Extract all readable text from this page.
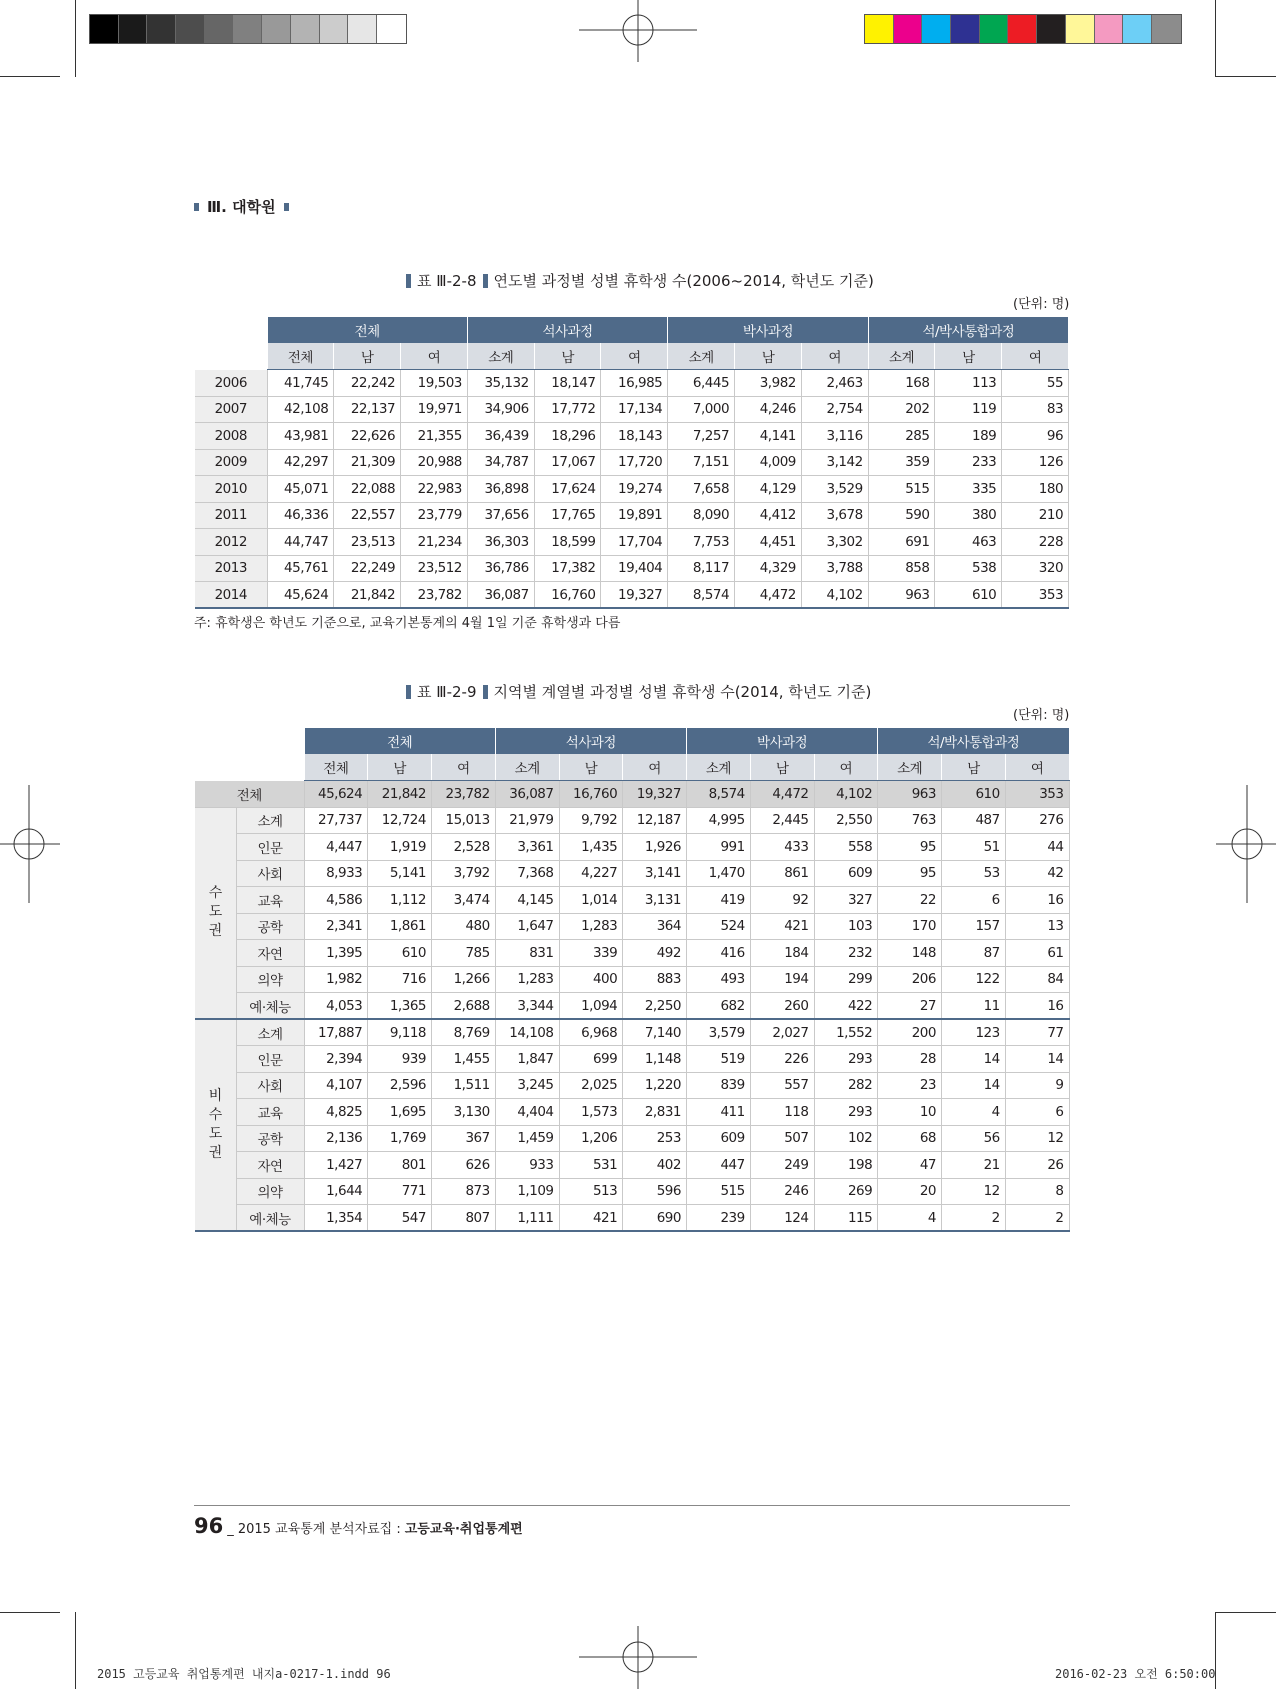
Ⅲ. 대학원
표 Ⅲ-2-8 연도별 과정별 성별 휴학생 수(2006~2014, 학년도 기준)
(단위: 명)
	전체			석사과정			박사과정			석/박사통합과정		
	전체	남	여	소계	남	여	소계	남	여	소계	남	여
2006	41,745	22,242	19,503	35,132	18,147	16,985	6,445	3,982	2,463	168	113	55
2007	42,108	22,137	19,971	34,906	17,772	17,134	7,000	4,246	2,754	202	119	83
2008	43,981	22,626	21,355	36,439	18,296	18,143	7,257	4,141	3,116	285	189	96
2009	42,297	21,309	20,988	34,787	17,067	17,720	7,151	4,009	3,142	359	233	126
2010	45,071	22,088	22,983	36,898	17,624	19,274	7,658	4,129	3,529	515	335	180
2011	46,336	22,557	23,779	37,656	17,765	19,891	8,090	4,412	3,678	590	380	210
2012	44,747	23,513	21,234	36,303	18,599	17,704	7,753	4,451	3,302	691	463	228
2013	45,761	22,249	23,512	36,786	17,382	19,404	8,117	4,329	3,788	858	538	320
2014	45,624	21,842	23,782	36,087	16,760	19,327	8,574	4,472	4,102	963	610	353
주: 휴학생은 학년도 기준으로, 교육기본통계의 4월 1일 기준 휴학생과 다름
표 Ⅲ-2-9 지역별 계열별 과정별 성별 휴학생 수(2014, 학년도 기준)
(단위: 명)
		전체			석사과정			박사과정			석/박사통합과정		
		전체	남	여	소계	남	여	소계	남	여	소계	남	여
전체		45,624	21,842	23,782	36,087	16,760	19,327	8,574	4,472	4,102	963	610	353
수
도
권	소계	27,737	12,724	15,013	21,979	9,792	12,187	4,995	2,445	2,550	763	487	276
	인문	4,447	1,919	2,528	3,361	1,435	1,926	991	433	558	95	51	44
	사회	8,933	5,141	3,792	7,368	4,227	3,141	1,470	861	609	95	53	42
	교육	4,586	1,112	3,474	4,145	1,014	3,131	419	92	327	22	6	16
	공학	2,341	1,861	480	1,647	1,283	364	524	421	103	170	157	13
	자연	1,395	610	785	831	339	492	416	184	232	148	87	61
	의약	1,982	716	1,266	1,283	400	883	493	194	299	206	122	84
	예·체능	4,053	1,365	2,688	3,344	1,094	2,250	682	260	422	27	11	16
비
수
도
권	소계	17,887	9,118	8,769	14,108	6,968	7,140	3,579	2,027	1,552	200	123	77
	인문	2,394	939	1,455	1,847	699	1,148	519	226	293	28	14	14
	사회	4,107	2,596	1,511	3,245	2,025	1,220	839	557	282	23	14	9
	교육	4,825	1,695	3,130	4,404	1,573	2,831	411	118	293	10	4	6
	공학	2,136	1,769	367	1,459	1,206	253	609	507	102	68	56	12
	자연	1,427	801	626	933	531	402	447	249	198	47	21	26
	의약	1,644	771	873	1,109	513	596	515	246	269	20	12	8
	예·체능	1,354	547	807	1,111	421	690	239	124	115	4	2	2
96 _ 2015 교육통계 분석자료집 : 고등교육·취업통계편
2015 고등교육 취업통계편 내지a-0217-1.indd 96	2016-02-23 오전 6:50:00
